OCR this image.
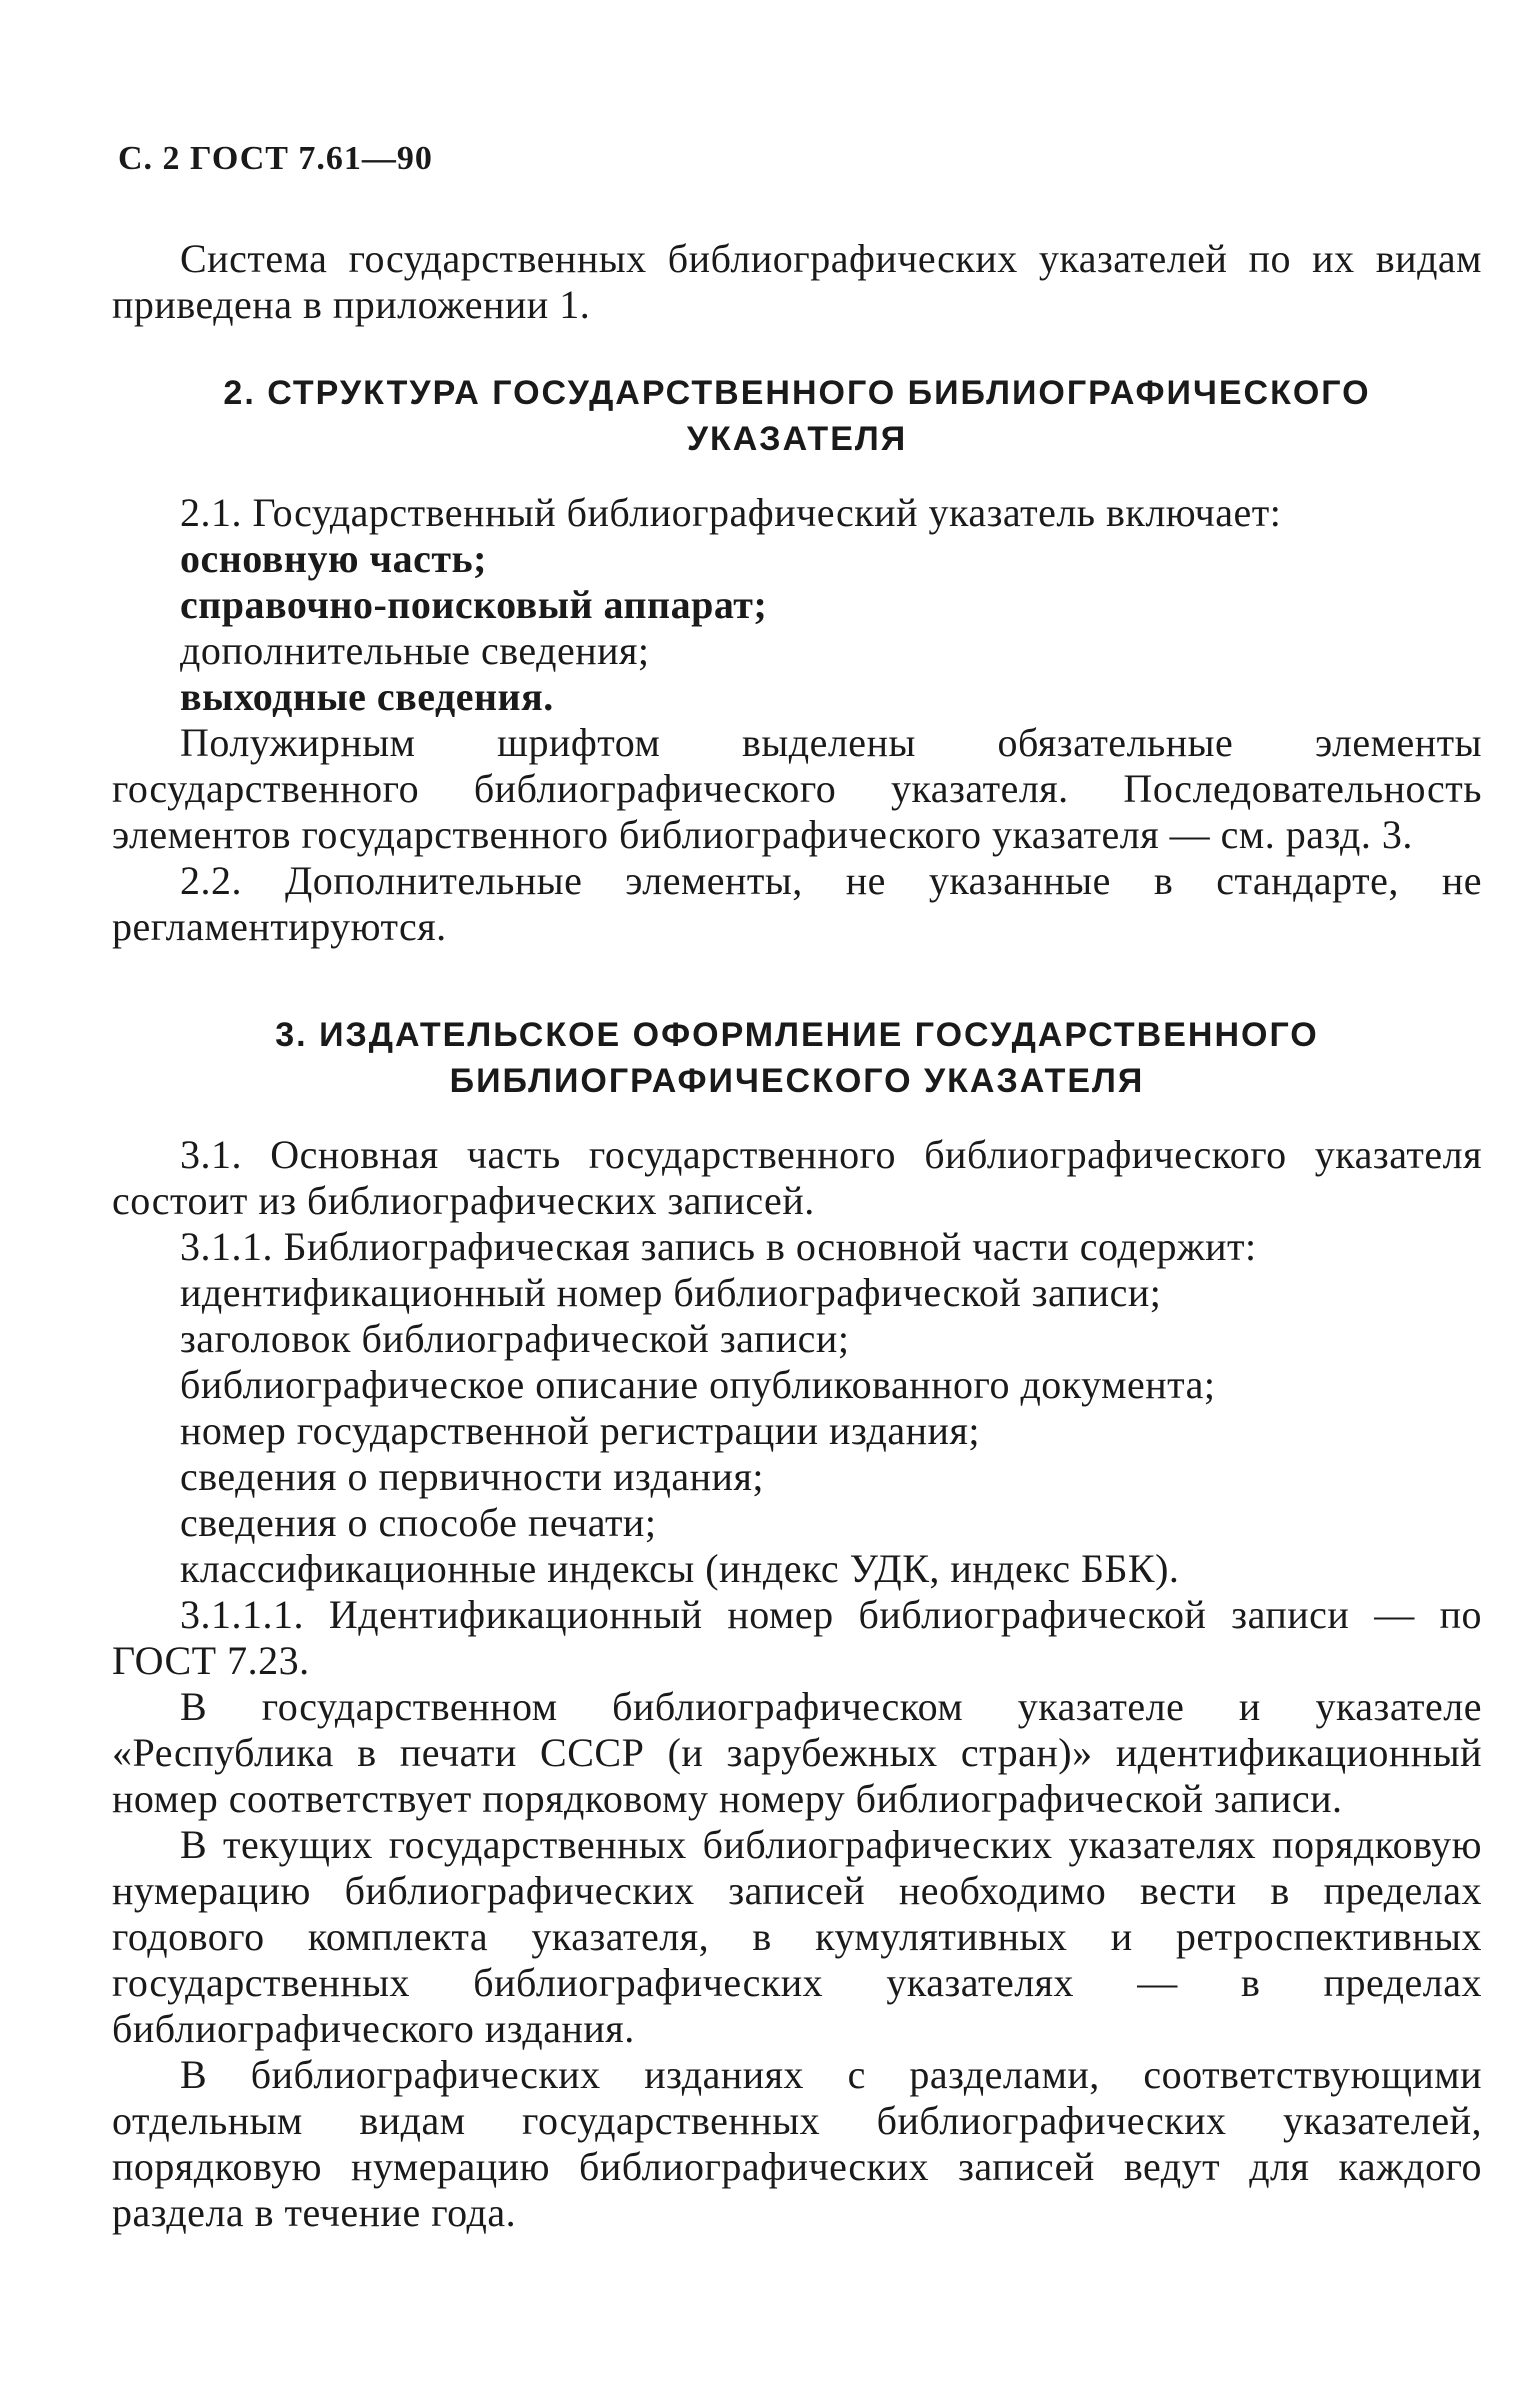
С. 2 ГОСТ 7.61—90

Система государственных библиографических указателей по их видам приведена в приложении 1.

2. СТРУКТУРА ГОСУДАРСТВЕННОГО БИБЛИОГРАФИЧЕСКОГО

УКАЗАТЕЛЯ

2.1. Государственный библиографический указатель включает:

основную часть;

справочно-поисковый аппарат;

дополнительные сведения;

выходные сведения.

Полужирным шрифтом выделены обязательные элементы государственного библиографического указателя. Последовательность элементов государственного библиографического указателя — см. разд. 3.

2.2. Дополнительные элементы, не указанные в стандарте, не регламентируются.

3. ИЗДАТЕЛЬСКОЕ ОФОРМЛЕНИЕ ГОСУДАРСТВЕННОГО

БИБЛИОГРАФИЧЕСКОГО УКАЗАТЕЛЯ

3.1. Основная часть государственного библиографического указателя состоит из библиографических записей.

3.1.1. Библиографическая запись в основной части содержит:

идентификационный номер библиографической записи;

заголовок библиографической записи;

библиографическое описание опубликованного документа;

номер государственной регистрации издания;

сведения о первичности издания;

сведения о способе печати;

классификационные индексы (индекс УДК, индекс ББК).

3.1.1.1. Идентификационный номер библиографической записи — по ГОСТ 7.23.

В государственном библиографическом указателе и указателе «Республика в печати СССР (и зарубежных стран)» идентификационный номер соответствует порядковому номеру библиографической записи.

В текущих государственных библиографических указателях порядковую нумерацию библиографических записей необходимо вести в пределах годового комплекта указателя, в кумулятивных и ретроспективных государственных библиографических указателях — в пределах библиографического издания.

В библиографических изданиях с разделами, соответствующими отдельным видам государственных библиографических указателей, порядковую нумерацию библиографических записей ведут для каждого раздела в течение года.
